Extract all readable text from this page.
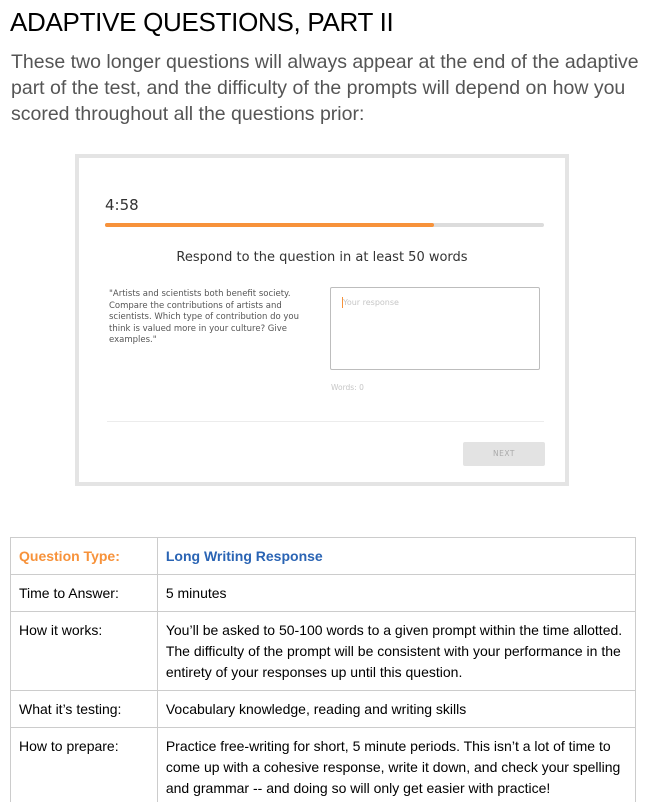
ADAPTIVE QUESTIONS, PART II

These two longer questions will always appear at the end of the adaptive part of the test, and the difficulty of the prompts will depend on how you scored throughout all the questions prior:

4:58
Respond to the question in at least 50 words
"Artists and scientists both benefit society. Compare the contributions of artists and scientists. Which type of contribution do you think is valued more in your culture? Give examples."
Your response
Words: 0
NEXT
Question Type:	Long Writing Response
Time to Answer:	5 minutes
How it works:	You’ll be asked to 50-100 words to a given prompt within the time allotted. The difficulty of the prompt will be consistent with your performance in the entirety of your responses up until this question.
What it’s testing:	Vocabulary knowledge, reading and writing skills
How to prepare:	Practice free-writing for short, 5 minute periods. This isn’t a lot of time to come up with a cohesive response, write it down, and check your spelling and grammar -- and doing so will only get easier with practice!
